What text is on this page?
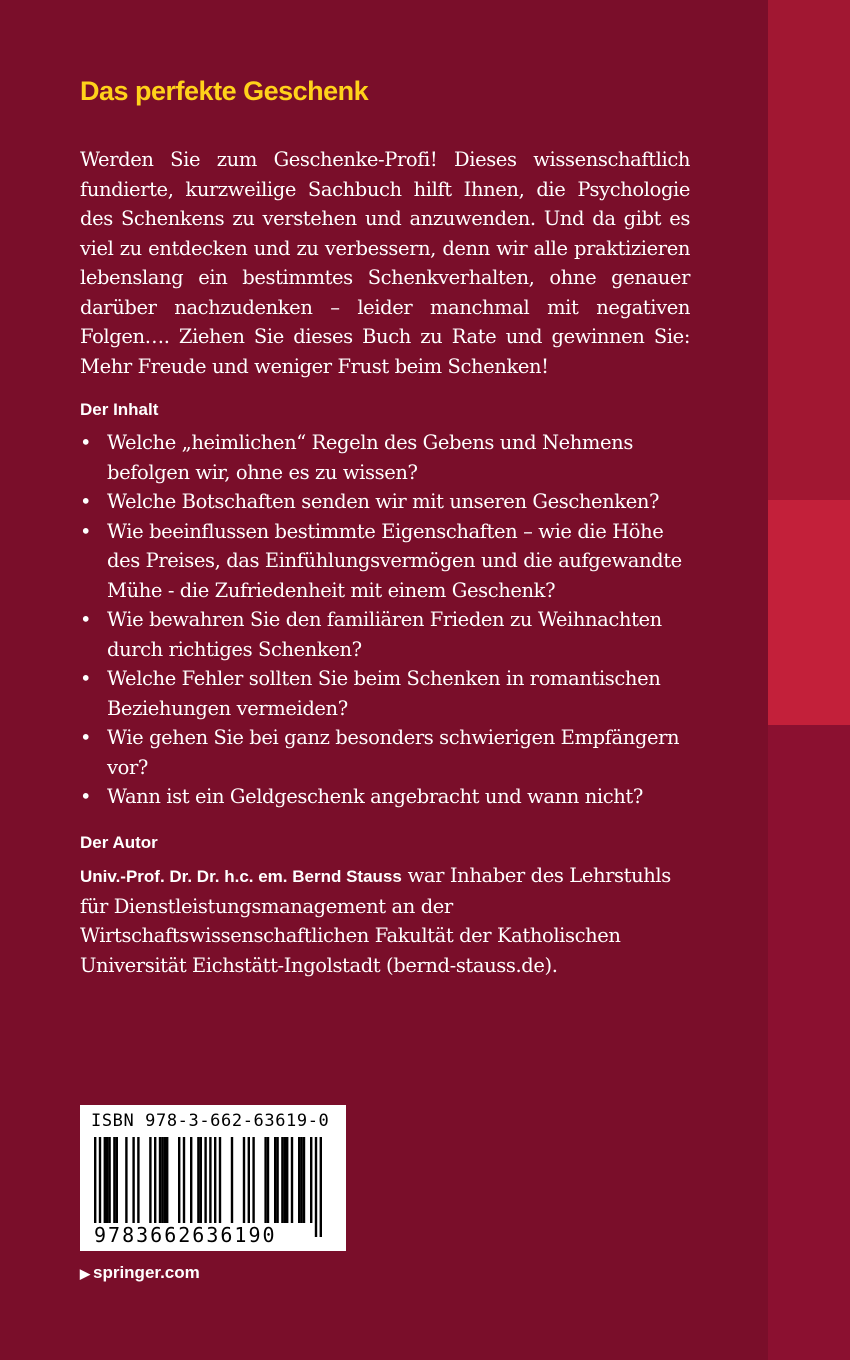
Das perfekte Geschenk

Werden Sie zum Geschenke-Profi! Dieses wissenschaftlich fundierte, kurzweilige Sachbuch hilft Ihnen, die Psychologie des Schenkens zu verstehen und anzuwenden. Und da gibt es viel zu entdecken und zu verbessern, denn wir alle praktizieren lebenslang ein bestimmtes Schenkverhalten, ohne genauer darüber nachzudenken – leider manchmal mit negativen Folgen…. Ziehen Sie dieses Buch zu Rate und gewinnen Sie: Mehr Freude und weniger Frust beim Schenken!

Der Inhalt
• Welche „heimlichen“ Regeln des Gebens und Nehmens befolgen wir, ohne es zu wissen?
• Welche Botschaften senden wir mit unseren Geschenken?
• Wie beeinflussen bestimmte Eigenschaften – wie die Höhe des Preises, das Einfühlungsvermögen und die aufgewandte Mühe - die Zufriedenheit mit einem Geschenk?
• Wie bewahren Sie den familiären Frieden zu Weihnachten durch richtiges Schenken?
• Welche Fehler sollten Sie beim Schenken in romantischen Beziehungen vermeiden?
• Wie gehen Sie bei ganz besonders schwierigen Empfängern vor?
• Wann ist ein Geldgeschenk angebracht und wann nicht?
Der Autor

Univ.-Prof. Dr. Dr. h.c. em. Bernd Stauss war Inhaber des Lehrstuhls für Dienstleistungsmanagement an der Wirtschaftswissenschaftlichen Fakultät der Katholischen Universität Eichstätt-Ingolstadt (bernd-stauss.de).

ISBN 978-3-662-63619-0
9783662636190
▶ springer.com
